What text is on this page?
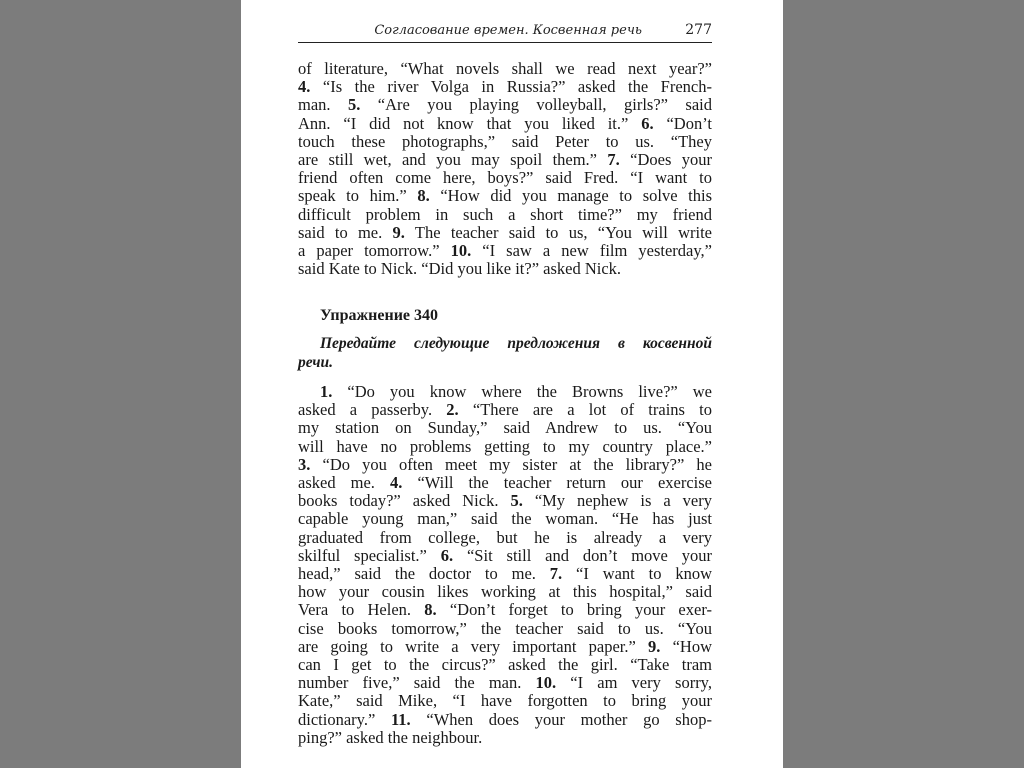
Согласование времен. Косвенная речь	277
of literature, “What novels shall we read next year?”
4. “Is the river Volga in Russia?” asked the French-
man. 5. “Are you playing volleyball, girls?” said
Ann. “I did not know that you liked it.” 6. “Don’t
touch these photographs,” said Peter to us. “They
are still wet, and you may spoil them.” 7. “Does your
friend often come here, boys?” said Fred. “I want to
speak to him.” 8. “How did you manage to solve this
difficult problem in such a short time?” my friend
said to me. 9. The teacher said to us, “You will write
a paper tomorrow.” 10. “I saw a new film yesterday,”
said Kate to Nick. “Did you like it?” asked Nick.
Упражнение 340
Передайте следующие предложения в косвенной
речи.
1. “Do you know where the Browns live?” we
asked a passerby. 2. “There are a lot of trains to
my station on Sunday,” said Andrew to us. “You
will have no problems getting to my country place.”
3. “Do you often meet my sister at the library?” he
asked me. 4. “Will the teacher return our exercise
books today?” asked Nick. 5. “My nephew is a very
capable young man,” said the woman. “He has just
graduated from college, but he is already a very
skilful specialist.” 6. “Sit still and don’t move your
head,” said the doctor to me. 7. “I want to know
how your cousin likes working at this hospital,” said
Vera to Helen. 8. “Don’t forget to bring your exer-
cise books tomorrow,” the teacher said to us. “You
are going to write a very important paper.” 9. “How
can I get to the circus?” asked the girl. “Take tram
number five,” said the man. 10. “I am very sorry,
Kate,” said Mike, “I have forgotten to bring your
dictionary.” 11. “When does your mother go shop-
ping?” asked the neighbour.
